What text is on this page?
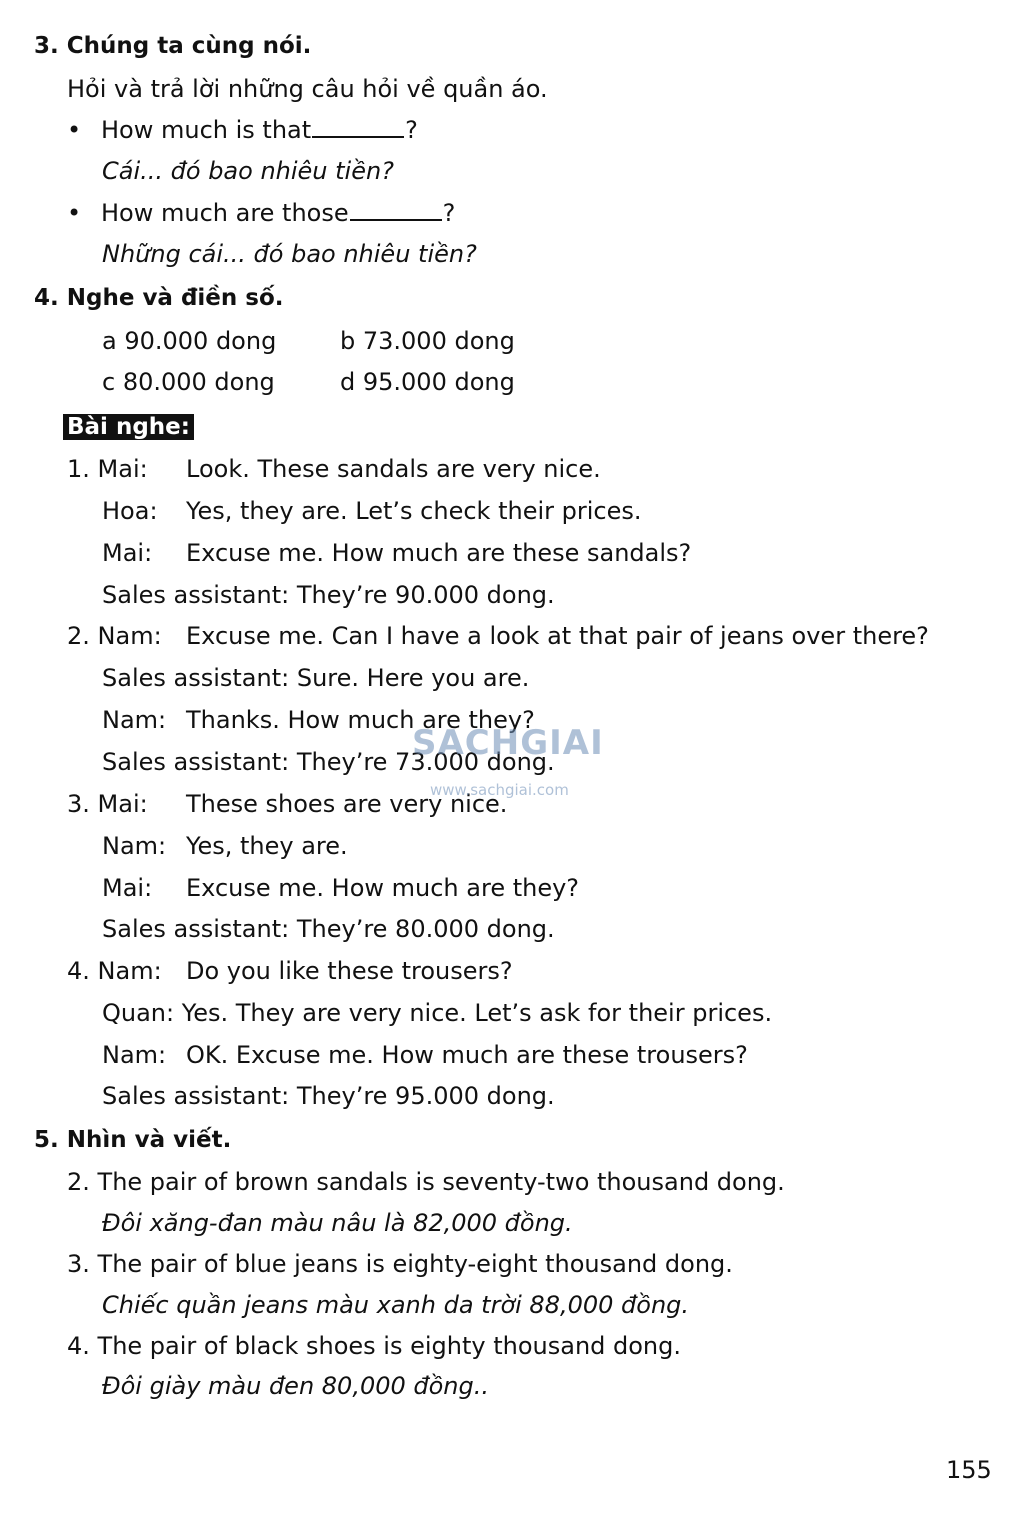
3. Chúng ta cùng nói.
Hỏi và trả lời những câu hỏi về quần áo.
• How much is that	?
Cái... đó bao nhiêu tiền?
• How much are those	?
Những cái... đó bao nhiêu tiền?
4. Nghe và điền số.
a 90.000 dong	b 73.000 dong
c 80.000 dong	d 95.000 dong
Bài nghe:
1. Mai: Look. These sandals are very nice.
Hoa: Yes, they are. Let’s check their prices.
Mai: Excuse me. How much are these sandals?
Sales assistant: They’re 90.000 dong.
2. Nam: Excuse me. Can I have a look at that pair of jeans over there?
Sales assistant: Sure. Here you are.
Nam: Thanks. How much are they?
Sales assistant: They’re 73.000 dong.
3. Mai: These shoes are very nice.
Nam: Yes, they are.
Mai: Excuse me. How much are they?
Sales assistant: They’re 80.000 dong.
4. Nam: Do you like these trousers?
Quan: Yes. They are very nice. Let’s ask for their prices.
Nam: OK. Excuse me. How much are these trousers?
Sales assistant: They’re 95.000 dong.
5. Nhìn và viết.
2. The pair of brown sandals is seventy-two thousand dong.
Đôi xăng-đan màu nâu là 82,000 đồng.
3. The pair of blue jeans is eighty-eight thousand dong.
Chiếc quần jeans màu xanh da trời 88,000 đồng.
4. The pair of black shoes is eighty thousand dong.
Đôi giày màu đen 80,000 đồng..
SACHGIAI
www.sachgiai.com
155
